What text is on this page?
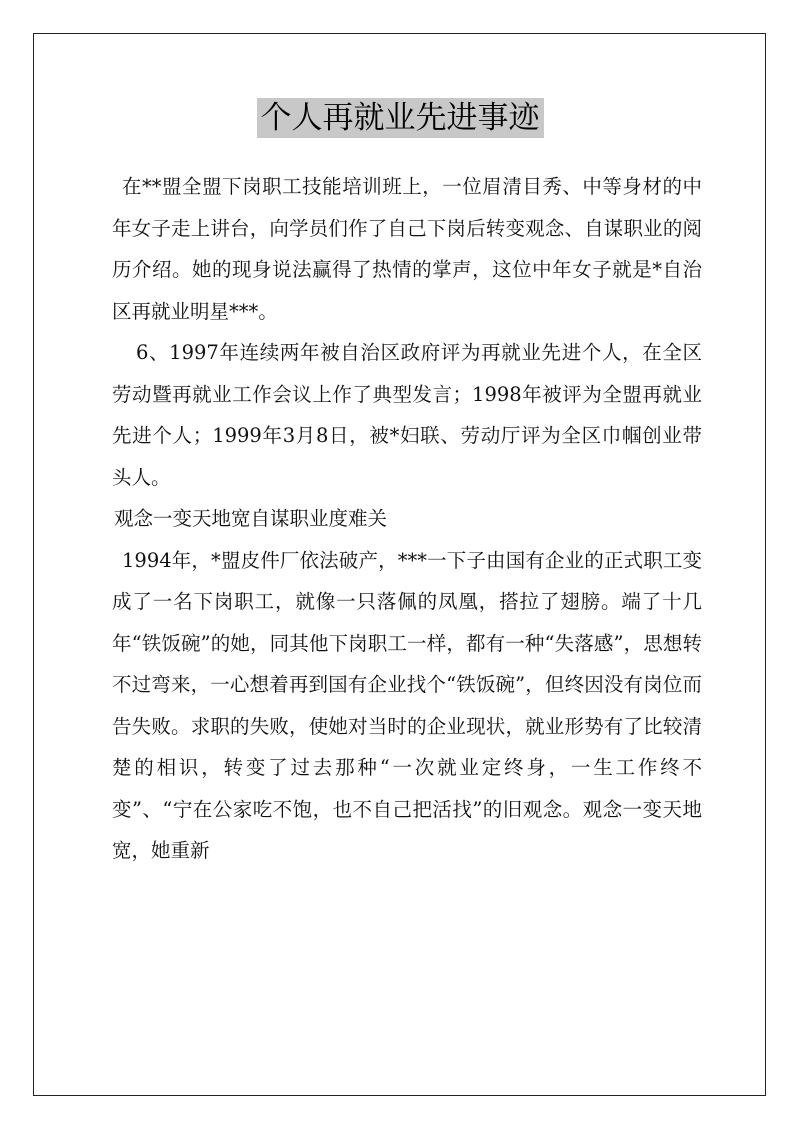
个人再就业先进事迹

在**盟全盟下岗职工技能培训班上，一位眉清目秀、中等身材的中年女子走上讲台，向学员们作了自己下岗后转变观念、自谋职业的阅历介绍。她的现身说法赢得了热情的掌声，这位中年女子就是*自治区再就业明星***。

6、1997年连续两年被自治区政府评为再就业先进个人，在全区劳动暨再就业工作会议上作了典型发言；1998年被评为全盟再就业先进个人；1999年3月8日，被*妇联、劳动厅评为全区巾帼创业带头人。

观念一变天地宽自谋职业度难关

1994年，*盟皮件厂依法破产，***一下子由国有企业的正式职工变成了一名下岗职工，就像一只落佩的凤凰，搭拉了翅膀。端了十几年“铁饭碗”的她，同其他下岗职工一样，都有一种“失落感”，思想转不过弯来，一心想着再到国有企业找个“铁饭碗”，但终因没有岗位而告失败。求职的失败，使她对当时的企业现状，就业形势有了比较清楚的相识，转变了过去那种“一次就业定终身，一生工作终不变”、“宁在公家吃不饱，也不自己把活找”的旧观念。观念一变天地宽，她重新
